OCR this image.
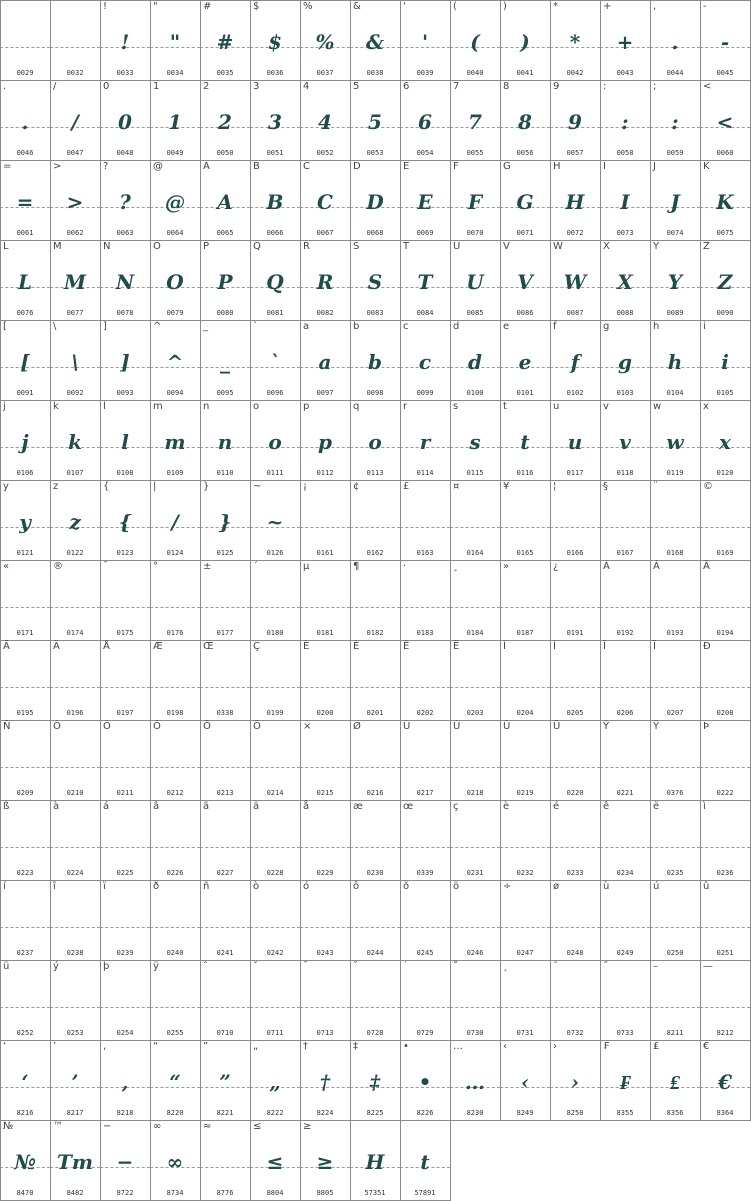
0029	0032
!
!
0033
"
"
0034
#
#
0035
$
$
0036
%
%
0037
&
&
0038
'
'
0039
(
(
0040
)
)
0041
*
*
0042
+
+
0043
,
.
0044
-
-
0045
.
.
0046
/
/
0047
0
0
0048
1
1
0049
2
2
0050
3
3
0051
4
4
0052
5
5
0053
6
6
0054
7
7
0055
8
8
0056
9
9
0057
:
:
0058
;
:
0059
<
<
0060
=
=
0061
>
>
0062
?
?
0063
@
@
0064
A
A
0065
B
B
0066
C
C
0067
D
D
0068
E
E
0069
F
F
0070
G
G
0071
H
H
0072
I
I
0073
J
J
0074
K
K
0075
L
L
0076
M
M
0077
N
N
0078
O
O
0079
P
P
0080
Q
Q
0081
R
R
0082
S
S
0083
T
T
0084
U
U
0085
V
V
0086
W
W
0087
X
X
0088
Y
Y
0089
Z
Z
0090
[
[
0091
\
\
0092
]
]
0093
^
^
0094
_
_
0095
`
`
0096
a
a
0097
b
b
0098
c
c
0099
d
d
0100
e
e
0101
f
f
0102
g
g
0103
h
h
0104
i
i
0105
j
j
0106
k
k
0107
l
l
0108
m
m
0109
n
n
0110
o
o
0111
p
p
0112
q
o
0113
r
r
0114
s
s
0115
t
t
0116
u
u
0117
v
v
0118
w
w
0119
x
x
0120
y
y
0121
z
z
0122
{
{
0123
|
/
0124
}
}
0125
~
~
0126
¡
0161
¢
0162
£
0163
¤
0164
¥
0165
¦
0166
§
0167
¨
0168
©
0169
«
0171
®
0174
¯
0175
°
0176
±
0177
´
0180
µ
0181
¶
0182
·
0183
¸
0184
»
0187
¿
0191
À
0192
Á
0193
Â
0194
Ã
0195
Ä
0196
Å
0197
Æ
0198
Œ
0338
Ç
0199
È
0200
É
0201
Ê
0202
Ë
0203
Ì
0204
Í
0205
Î
0206
Ï
0207
Ð
0208
Ñ
0209
Ò
0210
Ó
0211
Ô
0212
Õ
0213
Ö
0214
×
0215
Ø
0216
Ù
0217
Ú
0218
Û
0219
Ü
0220
Ý
0221
Ÿ
0376
Þ
0222
ß
0223
à
0224
á
0225
â
0226
ã
0227
ä
0228
å
0229
æ
0230
œ
0339
ç
0231
è
0232
é
0233
ê
0234
ë
0235
ì
0236
í
0237
î
0238
ï
0239
ð
0240
ñ
0241
ò
0242
ó
0243
ô
0244
õ
0245
ö
0246
÷
0247
ø
0248
ù
0249
ú
0250
û
0251
ü
0252
ý
0253
þ
0254
ÿ
0255
ˆ
0710
ˇ
0711
ˉ
0713
˘
0728
˙
0729
˚
0730
˛
0731
˜
0732
˝
0733
–
8211
—
8212
‘
‘
8216
’
’
8217
‚
‚
8218
“
“
8220
”
”
8221
„
„
8222
†
†
8224
‡
‡
8225
•
•
8226
…
…
8230
‹
‹
8249
›
›
8250
₣
₣
8355
₤
₤
8356
€
€
8364
№
№
8470
™
Tm
8482
−
−
8722
∞
∞
8734
≈
8776
≤
≤
8804
≥
≥
8805
H
57351
t
57891
